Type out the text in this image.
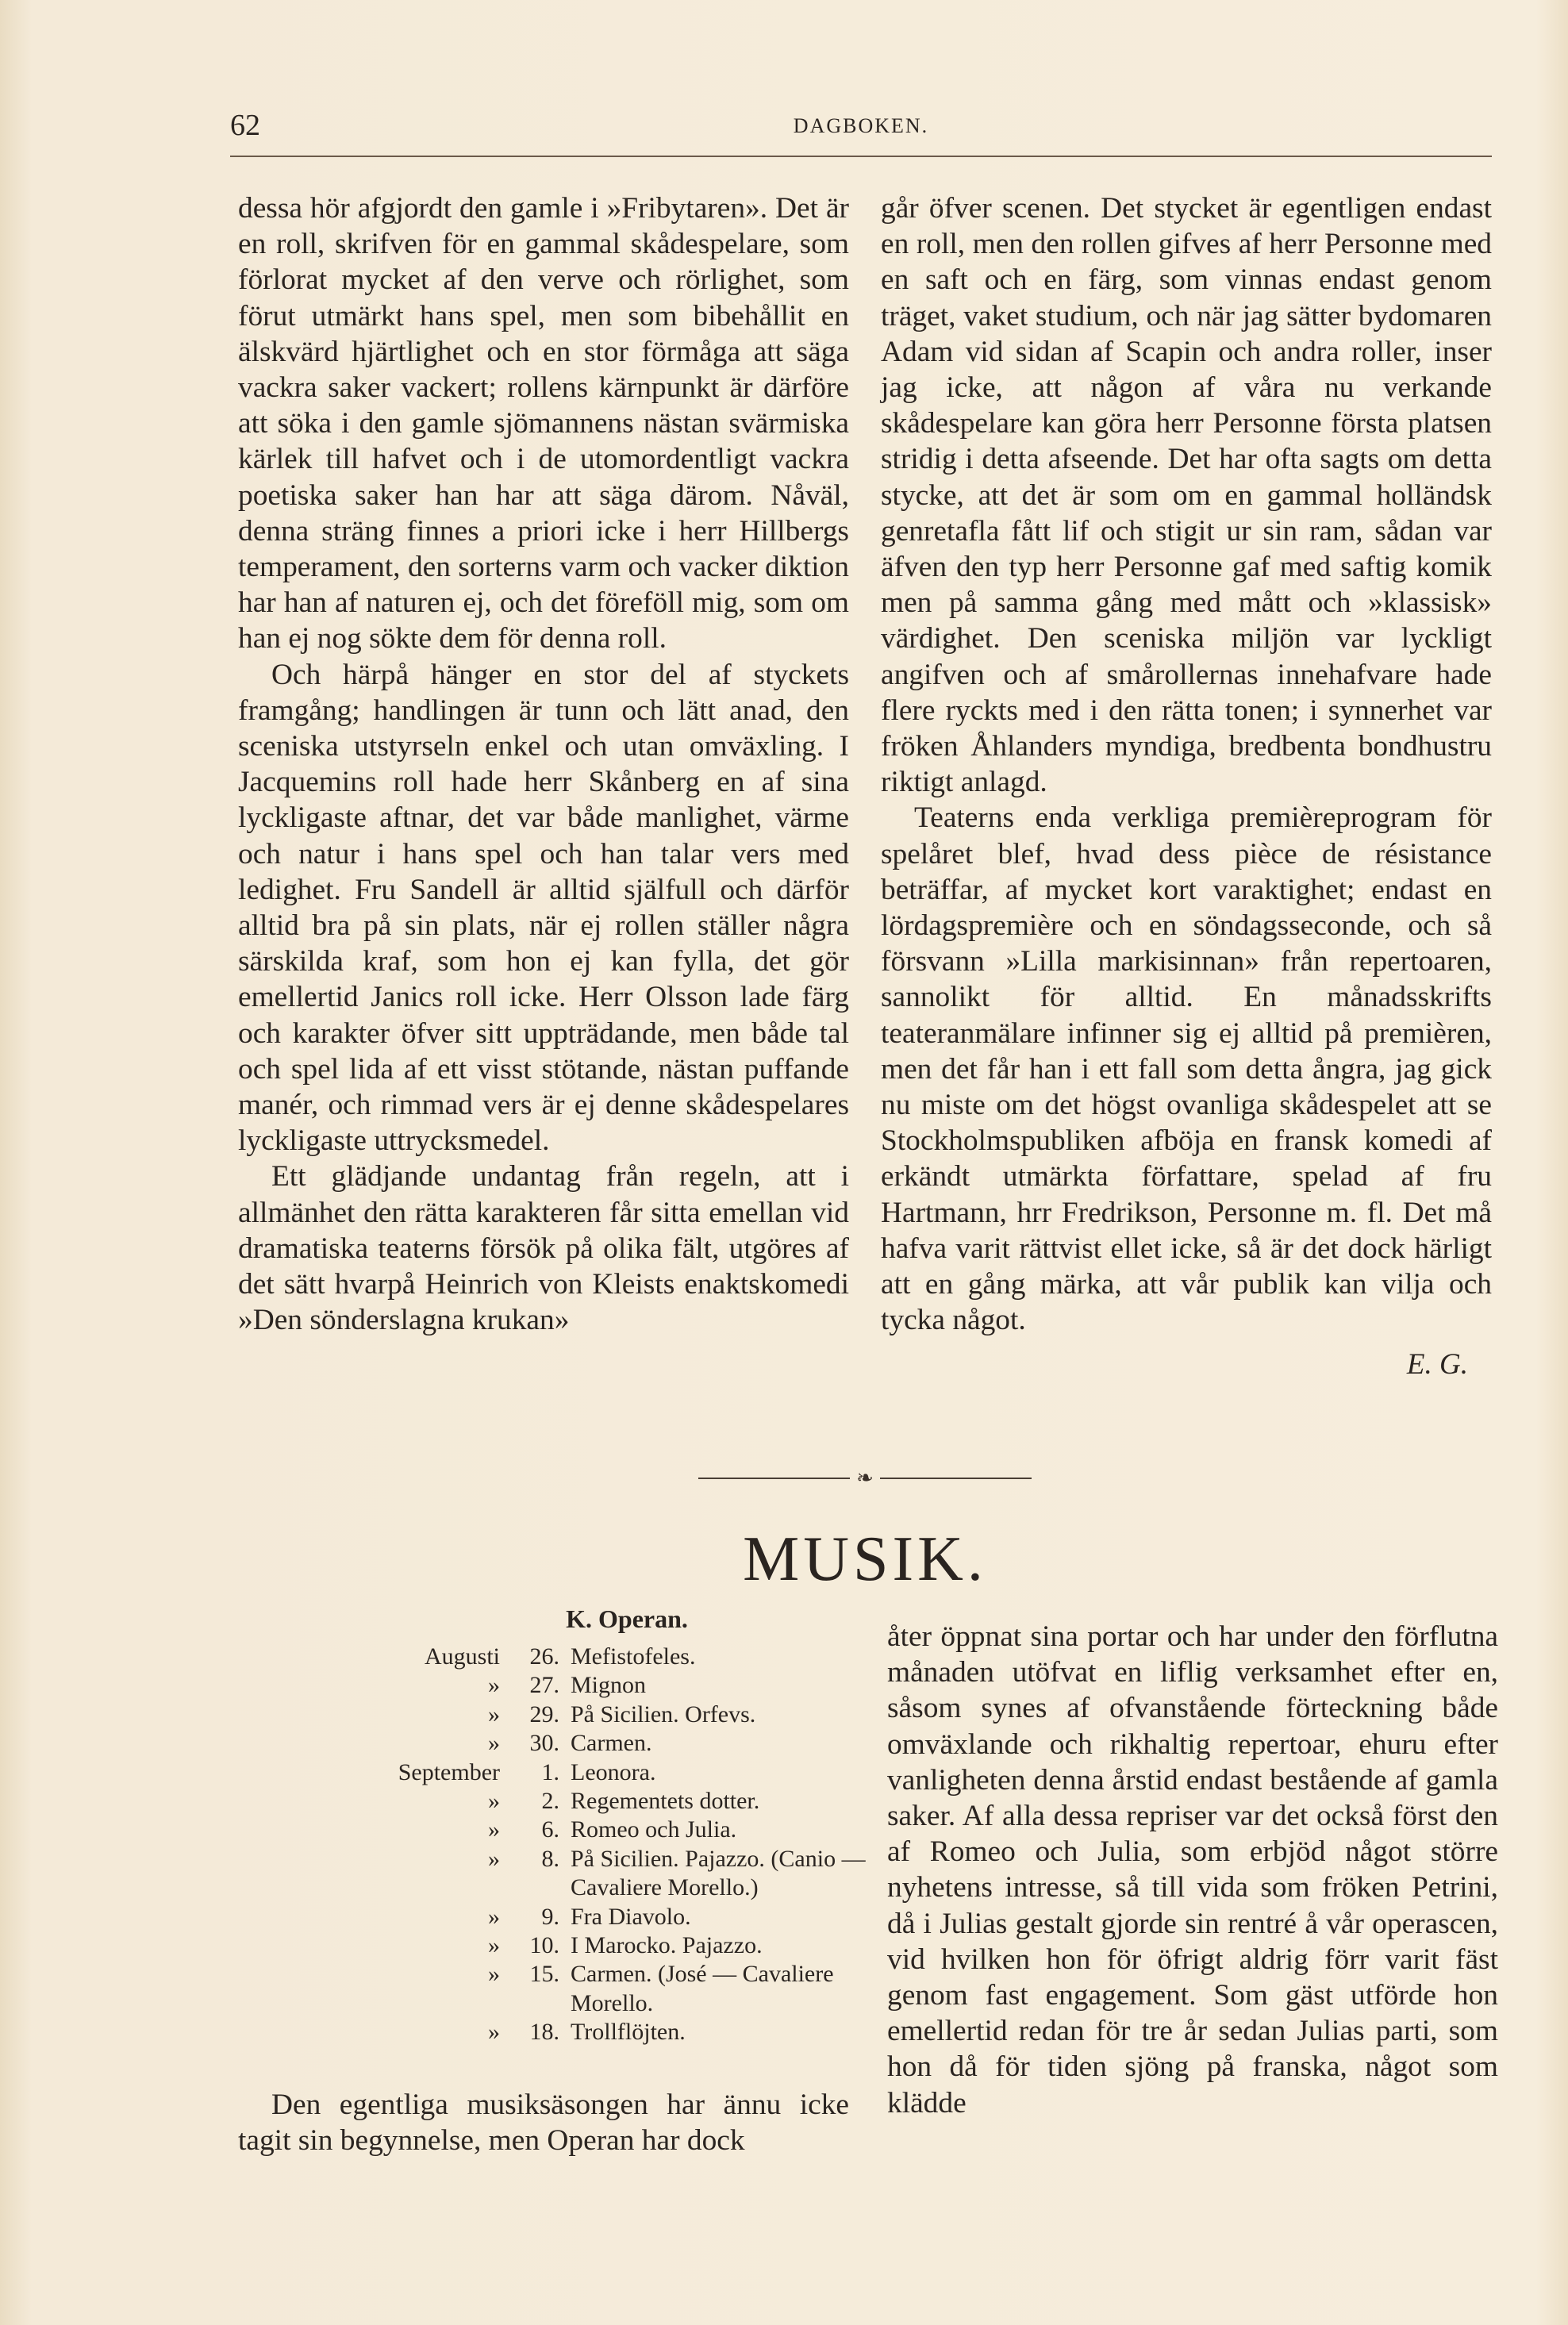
62	DAGBOKEN.

dessa hör afgjordt den gamle i »Fribytaren». Det är en roll, skrifven för en gammal skådespelare, som förlorat mycket af den verve och rörlighet, som förut utmärkt hans spel, men som bibehållit en älskvärd hjärtlighet och en stor förmåga att säga vackra saker vackert; rollens kärnpunkt är därföre att söka i den gamle sjömannens nästan svärmiska kärlek till hafvet och i de utomordentligt vackra poetiska saker han har att säga därom. Nåväl, denna sträng finnes a priori icke i herr Hillbergs temperament, den sorterns varm och vacker diktion har han af naturen ej, och det föreföll mig, som om han ej nog sökte dem för denna roll.

Och härpå hänger en stor del af styckets framgång; handlingen är tunn och lätt anad, den sceniska utstyrseln enkel och utan omväxling. I Jacquemins roll hade herr Skånberg en af sina lyckligaste aftnar, det var både manlighet, värme och natur i hans spel och han talar vers med ledighet. Fru Sandell är alltid själfull och därför alltid bra på sin plats, när ej rollen ställer några särskilda kraf, som hon ej kan fylla, det gör emellertid Janics roll icke. Herr Olsson lade färg och karakter öfver sitt uppträdande, men både tal och spel lida af ett visst stötande, nästan puffande manér, och rimmad vers är ej denne skådespelares lyckligaste uttrycksmedel.

Ett glädjande undantag från regeln, att i allmänhet den rätta karakteren får sitta emellan vid dramatiska teaterns försök på olika fält, utgöres af det sätt hvarpå Heinrich von Kleists enaktskomedi »Den sönderslagna krukan»

går öfver scenen. Det stycket är egentligen endast en roll, men den rollen gifves af herr Personne med en saft och en färg, som vinnas endast genom träget, vaket studium, och när jag sätter bydomaren Adam vid sidan af Scapin och andra roller, inser jag icke, att någon af våra nu verkande skådespelare kan göra herr Personne första platsen stridig i detta afseende. Det har ofta sagts om detta stycke, att det är som om en gammal holländsk genretafla fått lif och stigit ur sin ram, sådan var äfven den typ herr Personne gaf med saftig komik men på samma gång med mått och »klassisk» värdighet. Den sceniska miljön var lyckligt angifven och af smårollernas innehafvare hade flere ryckts med i den rätta tonen; i synnerhet var fröken Åhlanders myndiga, bredbenta bondhustru riktigt anlagd.

Teaterns enda verkliga premièreprogram för spelåret blef, hvad dess pièce de résistance beträffar, af mycket kort varaktighet; endast en lördagspremière och en söndagsseconde, och så försvann »Lilla markisinnan» från repertoaren, sannolikt för alltid. En månadsskrifts teateranmälare infinner sig ej alltid på premièren, men det får han i ett fall som detta ångra, jag gick nu miste om det högst ovanliga skådespelet att se Stockholmspubliken afböja en fransk komedi af erkändt utmärkta författare, spelad af fru Hartmann, hrr Fredrikson, Personne m. fl. Det må hafva varit rättvist ellet icke, så är det dock härligt att en gång märka, att vår publik kan vilja och tycka något.

E. G.
❧
MUSIK.
K. Operan.
Augusti	26. Mefistofeles.
»	27. Mignon
»	29. På Sicilien. Orfevs.
»	30. Carmen.
September	1. Leonora.
»	2. Regementets dotter.
»	6. Romeo och Julia.
»	8. På Sicilien. Pajazzo. (Canio — Cavaliere Morello.)
»	9. Fra Diavolo.
»	10. I Marocko. Pajazzo.
»	15. Carmen. (José — Cavaliere Morello.
»	18. Trollflöjten.

Den egentliga musiksäsongen har ännu icke tagit sin begynnelse, men Operan har dock

åter öppnat sina portar och har under den förflutna månaden utöfvat en liflig verksamhet efter en, såsom synes af ofvanstående förteckning både omväxlande och rikhaltig repertoar, ehuru efter vanligheten denna årstid endast bestående af gamla saker. Af alla dessa repriser var det också först den af Romeo och Julia, som erbjöd något större nyhetens intresse, så till vida som fröken Petrini, då i Julias gestalt gjorde sin rentré å vår operascen, vid hvilken hon för öfrigt aldrig förr varit fäst genom fast engagement. Som gäst utförde hon emellertid redan för tre år sedan Julias parti, som hon då för tiden sjöng på franska, något som klädde
